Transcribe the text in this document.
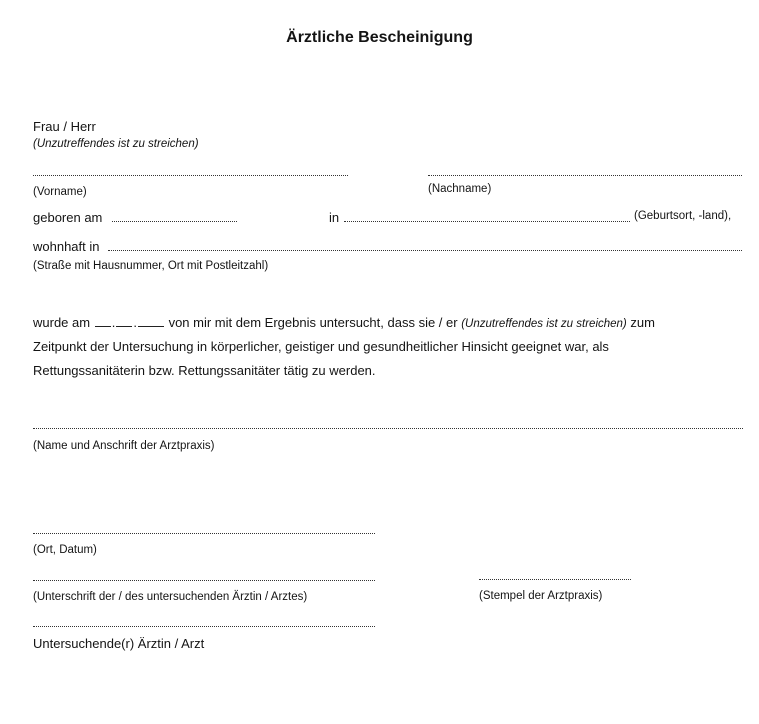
Ärztliche Bescheinigung
Frau / Herr
(Unzutreffendes ist zu streichen)
(Vorname)	(Nachname)
geboren am	in	(Geburtsort, -land),
wohnhaft in
(Straße mit Hausnummer, Ort mit Postleitzahl)
wurde am . . von mir mit dem Ergebnis untersucht, dass sie / er (Unzutreffendes ist zu streichen) zum
Zeitpunkt der Untersuchung in körperlicher, geistiger und gesundheitlicher Hinsicht geeignet war, als
Rettungssanitäterin bzw. Rettungssanitäter tätig zu werden.
(Name und Anschrift der Arztpraxis)
(Ort, Datum)
(Unterschrift der / des untersuchenden Ärztin / Arztes)	(Stempel der Arztpraxis)
Untersuchende(r) Ärztin / Arzt
